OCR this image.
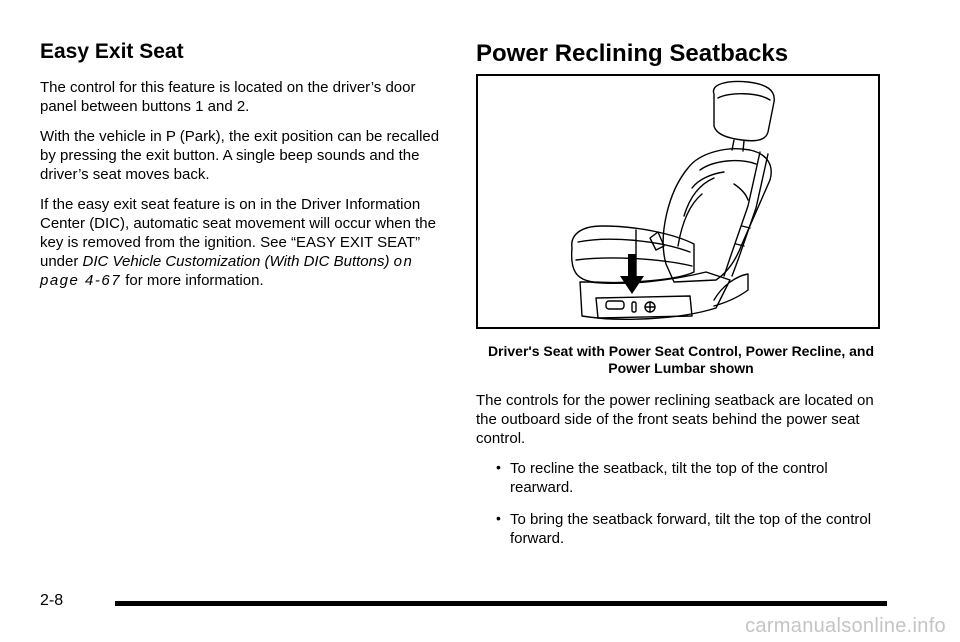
Easy Exit Seat

The control for this feature is located on the driver’s door panel between buttons 1 and 2.

With the vehicle in P (Park), the exit position can be recalled by pressing the exit button. A single beep sounds and the driver’s seat moves back.

If the easy exit seat feature is on in the Driver Information Center (DIC), automatic seat movement will occur when the key is removed from the ignition. See “EASY EXIT SEAT” under DIC Vehicle Customization (With DIC Buttons) on page 4‑67 for more information.

Power Reclining Seatbacks
Driver's Seat with Power Seat Control, Power Recline, and Power Lumbar shown

The controls for the power reclining seatback are located on the outboard side of the front seats behind the power seat control.

• To recline the seatback, tilt the top of the control rearward.
• To bring the seatback forward, tilt the top of the control forward.
2-8
carmanualsonline.info
